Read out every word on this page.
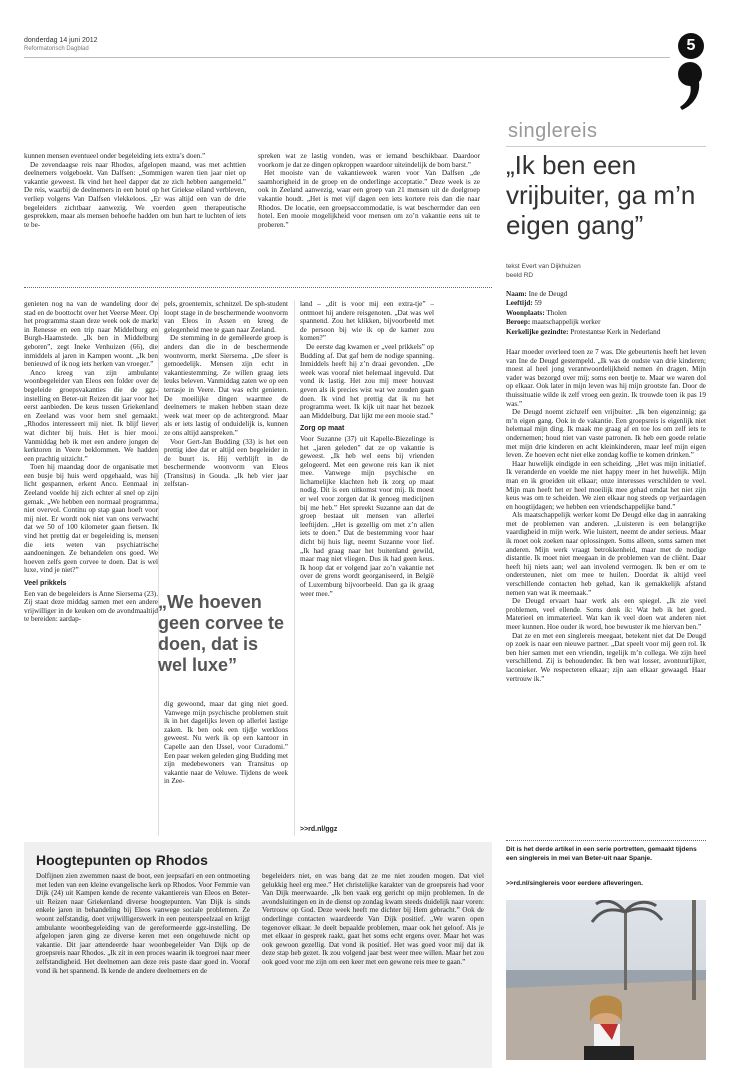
donderdag 14 juni 2012
Reformatorisch Dagblad	5

kunnen mensen eventueel onder begeleiding iets extra’s doen.”

De zevendaagse reis naar Rhodos, afgelopen maand, was met achttien deelnemers volgeboekt. Van Dalfsen: „Sommigen waren tien jaar niet op vakantie geweest. Ik vind het heel dapper dat ze zich hebben aangemeld.” De reis, waarbij de deelnemers in een hotel op het Griekse eiland verbleven, verliep volgens Van Dalfsen vlekkeloos. „Er was altijd een van de drie begeleiders zichtbaar aanwezig. We voerden geen therapeutische gesprekken, maar als mensen behoefte hadden om hun hart te luchten of iets te be-

spreken wat ze lastig vonden, was er iemand beschikbaar. Daardoor voorkom je dat ze dingen opkroppen waardoor uiteindelijk de bom barst.”

Het mooiste van de vakantieweek waren voor Van Dalfsen „de saamhorigheid in de groep en de onderlinge acceptatie.” Deze week is ze ook in Zeeland aanwezig, waar een groep van 21 mensen uit de doelgroep vakantie houdt. „Het is met vijf dagen een iets kortere reis dan die naar Rhodos. De locatie, een groepsaccommodatie, is wat beschermder dan een hotel. Een mooie mogelijkheid voor mensen om zo’n vakantie eens uit te proberen.”

singlereis
„Ik ben een vrijbuiter, ga m’n eigen gang”
tekst Evert van Dijkhuizen
beeld RD
Naam: Ine de Deugd
Leeftijd: 59
Woonplaats: Tholen
Beroep: maatschappelijk werker
Kerkelijke gezindte: Protestantse Kerk in Nederland

Haar moeder overleed toen ze 7 was. Die gebeurtenis heeft het leven van Ine de Deugd gestempeld. „Ik was de oudste van drie kinderen; moest al heel jong verantwoordelijkheid nemen én dragen. Mijn vader was bezorgd over mij; soms een beetje te. Maar we waren dol op elkaar. Ook later in mijn leven was hij mijn grootste fan. Door de thuissituatie wilde ik zelf vroeg een gezin. Ik trouwde toen ik pas 19 was.”

De Deugd noemt zichzelf een vrijbuiter. „Ik ben eigenzinnig; ga m’n eigen gang. Ook in de vakantie. Een groepsreis is eigenlijk niet helemaal mijn ding. Ik maak me graag af en toe los om zelf iets te ondernemen; houd niet van vaste patronen. Ik heb een goede relatie met mijn drie kinderen en acht kleinkinderen, maar leef mijn eigen leven. Ze hoeven echt niet elke zondag koffie te komen drinken.”

Haar huwelijk eindigde in een scheiding. „Het was mijn initiatief. Ik veranderde en voelde me niet happy meer in het huwelijk. Mijn man en ik groeiden uit elkaar; onze interesses verschilden te veel. Mijn man heeft het er heel moeilijk mee gehad omdat het niet zijn keus was om te scheiden. We zien elkaar nog steeds op verjaardagen en hoogtijdagen; we hebben een vriendschappelijke band.”

Als maatschappelijk werker komt De Deugd elke dag in aanraking met de problemen van anderen. „Luisteren is een belangrijke vaardigheid in mijn werk. Wie luistert, neemt de ander serieus. Maar ik moet ook zoeken naar oplossingen. Soms alleen, soms samen met anderen. Mijn werk vraagt betrokkenheid, maar met de nodige distantie. Ik moet niet meegaan in de problemen van de cliënt. Daar heeft hij niets aan; wel aan involend vermogen. Ik ben er om te ondersteunen, niet om mee te huilen. Doordat ik altijd veel verschillende contacten heb gehad, kan ik gemakkelijk afstand nemen van wat ik meemaak.”

De Deugd ervaart haar werk als een spiegel. „Ik zie veel problemen, veel ellende. Soms denk ik: Wat heb ik het goed. Materieel en immaterieel. Wat kan ik veel doen wat anderen niet meer kunnen. Hoe ouder ik word, hoe bewuster ik me hiervan ben.”

Dat ze en met een singlereis meegaat, betekent niet dat De Deugd op zoek is naar een nieuwe partner. „Dat speelt voor mij geen rol. Ik ben hier samen met een vriendin, tegelijk m’n collega. We zijn heel verschillend. Zij is behoudender. Ik ben wat losser, avontuurlijker, laconieker. We respecteren elkaar; zijn aan elkaar gewaagd. Haar vertrouw ik.”

Dit is het derde artikel in een serie portretten, gemaakt tijdens een singlereis in mei van Beter-uit naar Spanje.
>>rd.nl/singlereis voor eerdere afleveringen.

genieten nog na van de wandeling door de stad en de boottocht over het Veerse Meer. Op het programma staan deze week ook de markt in Renesse en een trip naar Middelburg en Burgh-Haamstede. „Ik ben in Middelburg geboren”, zegt Ineke Venhuizen (66), die inmiddels al jaren in Kampen woont. „Ik ben benieuwd of ik nog iets herken van vroeger.”

Anco kreeg van zijn ambulante woonbegeleider van Eleos een folder over de begeleide groepsvakanties die de ggz-instelling en Beter-uit Reizen dit jaar voor het eerst aanbieden. De keus tussen Griekenland en Zeeland was voor hem snel gemaakt. „Rhodos interesseert mij niet. Ik blijf liever wat dichter bij huis. Het is hier mooi. Vanmiddag heb ik met een andere jongen de kerktoren in Veere beklommen. We hadden een prachtig uitzicht.”

Toen hij maandag door de organisatie met een busje bij huis werd opgehaald, was hij licht gespannen, erkent Anco. Eenmaal in Zeeland voelde hij zich echter al snel op zijn gemak. „We hebben een normaal programma, niet overvol. Continu op stap gaan hoeft voor mij niet. Er wordt ook niet van ons verwacht dat we 50 of 100 kilometer gaan fietsen. Ik vind het prettig dat er begeleiding is, mensen die iets weten van psychiatrische aandoeningen. Ze behandelen ons goed. We hoeven zelfs geen corvee te doen. Dat is wel luxe, vind je niet?”

Veel prikkels

Een van de begeleiders is Anne Siersema (23). Zij staat deze middag samen met een andere vrijwilliger in de keuken om de avondmaaltijd te bereiden: aardap-

pels, groentemix, schnitzel. De sph-student loopt stage in de beschermende woonvorm van Eleos in Assen en kreeg de gelegenheid mee te gaan naar Zeeland.

De stemming in de gemêleerde groep is anders dan die in de beschermende woonvorm, merkt Siersema. „De sfeer is gemoedelijk. Mensen zijn echt in vakantiestemming. Ze willen graag iets leuks beleven. Vanmiddag zaten we op een terrasje in Veere. Dat was echt genieten. De moeilijke dingen waarmee de deelnemers te maken hebben staan deze week wat meer op de achtergrond. Maar als er iets lastig of onduidelijk is, kunnen ze ons altijd aanspreken.”

Voor Gert-Jan Budding (33) is het een prettig idee dat er altijd een begeleider in de buurt is. Hij verblijft in de beschermende woonvorm van Eleos (Transitus) in Gouda. „Ik heb vier jaar zelfstan-

„We hoeven geen corvee te doen, dat is wel luxe”

dig gewoond, maar dat ging niet goed. Vanwege mijn psychische problemen stuit ik in het dagelijks leven op allerlei lastige zaken. Ik ben ook een tijdje werkloos geweest. Nu werk ik op een kantoor in Capelle aan den IJssel, voor Curadomi.” Een paar weken geleden ging Budding met zijn medebewoners van Transitus op vakantie naar de Veluwe. Tijdens de week in Zee-

land – „dit is voor mij een extra-tje” – ontmoet hij andere reisgenoten. „Dat was wel spannend. Zou het klikken, bijvoorbeeld met de persoon bij wie ik op de kamer zou komen?”

De eerste dag kwamen er „veel prikkels” op Budding af. Dat gaf hem de nodige spanning. Inmiddels heeft hij z’n draai gevonden. „De week was vooraf niet helemaal ingevuld. Dat vond ik lastig. Het zou mij meer houvast geven als ik precies wist wat we zouden gaan doen. Ik vind het prettig dat ik nu het programma weet. Ik kijk uit naar het bezoek aan Middelburg. Dat lijkt me een mooie stad.”

Zorg op maat

Voor Suzanne (37) uit Kapelle-Biezelinge is het „jaren geleden” dat ze op vakantie is geweest. „Ik heb wel eens bij vrienden gelogeerd. Met een gewone reis kan ik niet mee. Vanwege mijn psychische en lichamelijke klachten heb ik zorg op maat nodig. Dit is een uitkomst voor mij. Ik moest er wel voor zorgen dat ik genoeg medicijnen bij me heb.” Het spreekt Suzanne aan dat de groep bestaat uit mensen van allerlei leeftijden. „Het is gezellig om met z’n allen iets te doen.” Dat de bestemming voor haar dicht bij huis ligt, neemt Suzanne voor lief. „Ik had graag naar het buitenland gewild, maar mag niet vliegen. Dus ik had geen keus. Ik hoop dat er volgend jaar zo’n vakantie net over de grens wordt georganiseerd, in België of Luxemburg bijvoorbeeld. Dan ga ik graag weer mee.”

>>rd.nl/ggz
Hoogtepunten op Rhodos

Dolfijnen zien zwemmen naast de boot, een jeepsafari en een ontmoeting met leden van een kleine evangelische kerk op Rhodos. Voor Femmie van Dijk (24) uit Kampen kende de recente vakantiereis van Eleos en Beter-uit Reizen naar Griekenland diverse hoogtepunten. Van Dijk is sinds enkele jaren in behandeling bij Eleos vanwege sociale problemen. Ze woont zelfstandig, doet vrijwilligerswerk in een peuterspeelzaal en krijgt ambulante woonbegeleiding van de gereformeerde ggz-instelling. De afgelopen jaren ging ze diverse keren met een ongehuwde nicht op vakantie. Dit jaar attendeerde haar woonbegeleider Van Dijk op de groepsreis naar Rhodos. „Ik zit in een proces waarin ik toegroei naar meer zelfstandigheid. Het deelnemen aan deze reis paste daar goed in. Vooraf vond ik het spannend. Ik kende de andere deelnemers en de

begeleiders niet, en was bang dat ze me niet zouden mogen. Dat viel gelukkig heel erg mee.” Het christelijke karakter van de groepsreis had voor Van Dijk meerwaarde. „Ik ben vaak erg gericht op mijn problemen. In de avondsluitingen en in de dienst op zondag kwam steeds duidelijk naar voren: Vertrouw op God. Deze week heeft me dichter bij Hem gebracht.” Ook de onderlinge contacten waardeerde Van Dijk positief. „We waren open tegenover elkaar. Je deelt bepaalde problemen, maar ook het geloof. Als je met elkaar in gesprek raakt, gaat het soms echt ergens over. Maar het was ook gewoon gezellig. Dat vond ik positief. Het was goed voor mij dat ik deze stap heb gezet. Ik zou volgend jaar best weer mee willen. Maar het zou ook goed voor me zijn om een keer met een gewone reis mee te gaan.”
